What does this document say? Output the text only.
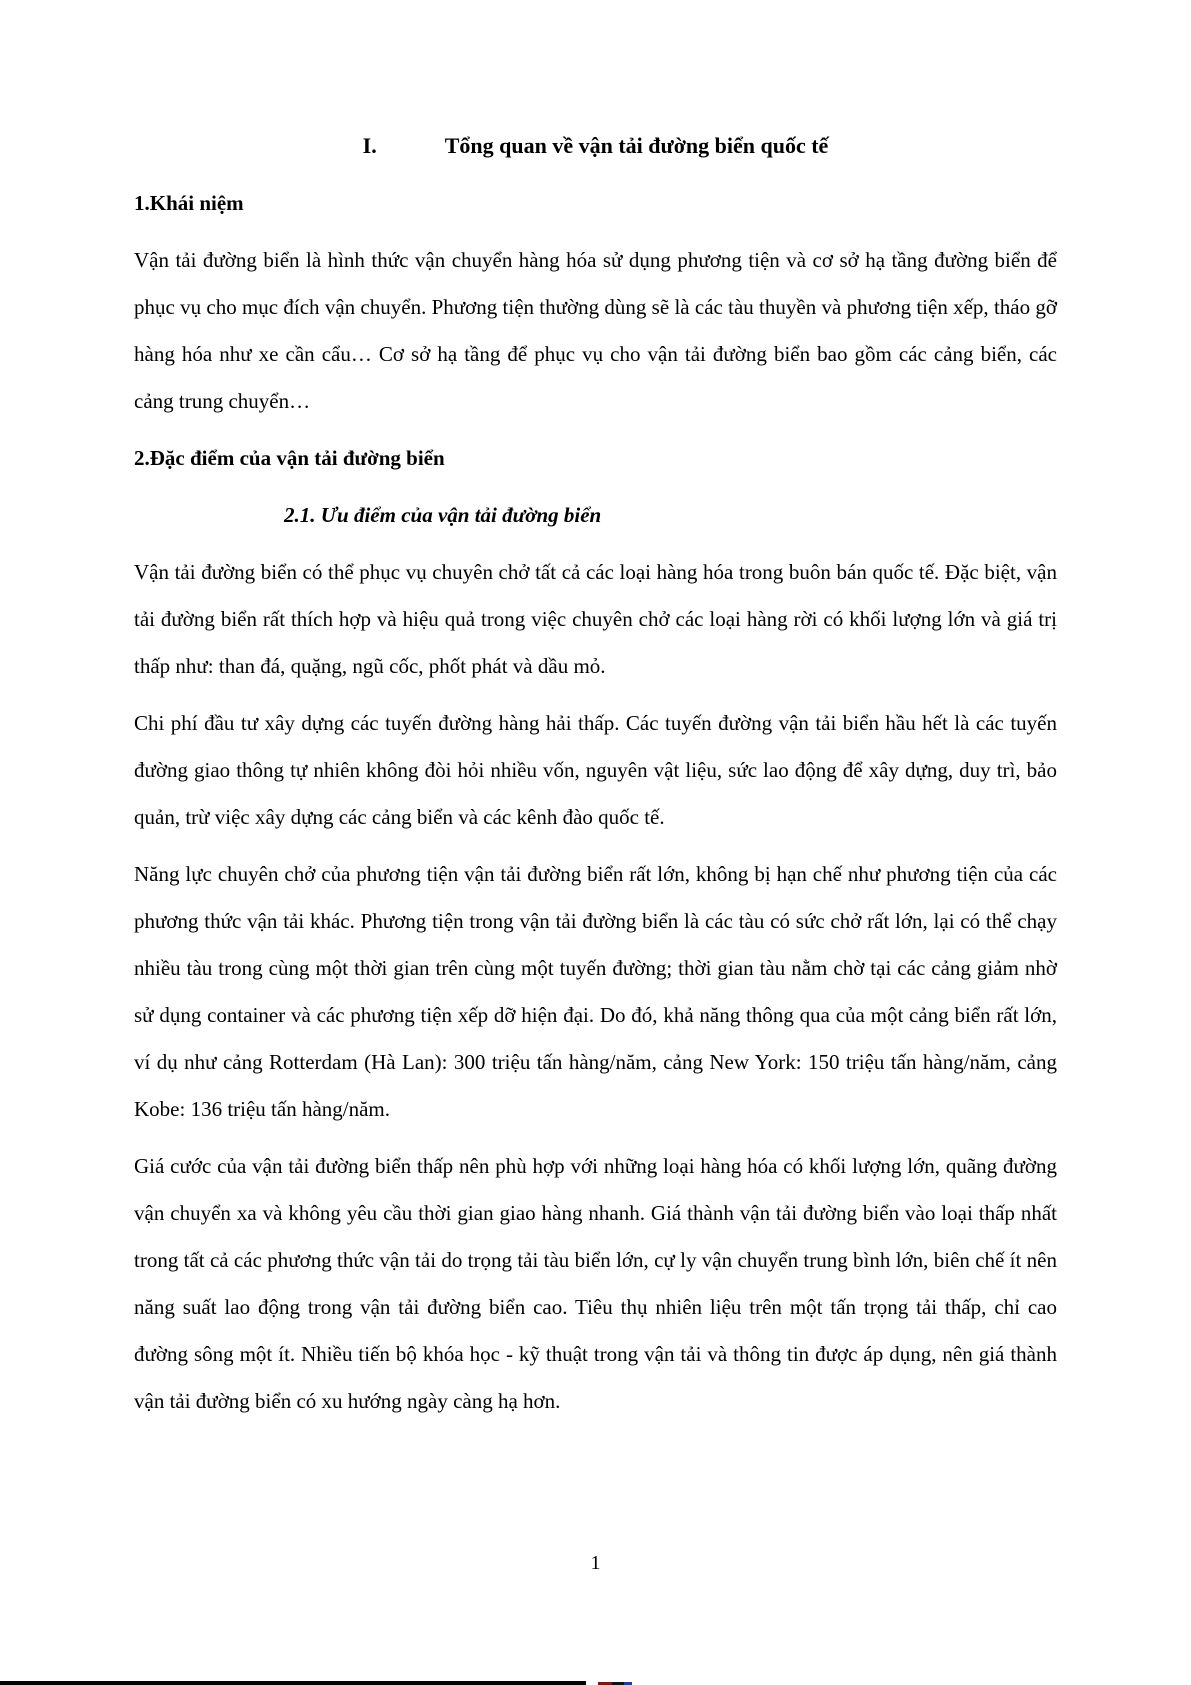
I.	Tổng quan về vận tải đường biển quốc tế
1.Khái niệm

Vận tải đường biển là hình thức vận chuyển hàng hóa sử dụng phương tiện và cơ sở hạ tầng đường biển để phục vụ cho mục đích vận chuyển. Phương tiện thường dùng sẽ là các tàu thuyền và phương tiện xếp, tháo gỡ hàng hóa như xe cần cẩu… Cơ sở hạ tầng để phục vụ cho vận tải đường biển bao gồm các cảng biển, các cảng trung chuyển…

2.Đặc điểm của vận tải đường biển
2.1. Ưu điểm của vận tải đường biển

Vận tải đường biển có thể phục vụ chuyên chở tất cả các loại hàng hóa trong buôn bán quốc tế. Đặc biệt, vận tải đường biển rất thích hợp và hiệu quả trong việc chuyên chở các loại hàng rời có khối lượng lớn và giá trị thấp như: than đá, quặng, ngũ cốc, phốt phát và dầu mỏ.

Chi phí đầu tư xây dựng các tuyến đường hàng hải thấp. Các tuyến đường vận tải biển hầu hết là các tuyến đường giao thông tự nhiên không đòi hỏi nhiều vốn, nguyên vật liệu, sức lao động để xây dựng, duy trì, bảo quản, trừ việc xây dựng các cảng biển và các kênh đào quốc tế.

Năng lực chuyên chở của phương tiện vận tải đường biển rất lớn, không bị hạn chế như phương tiện của các phương thức vận tải khác. Phương tiện trong vận tải đường biển là các tàu có sức chở rất lớn, lại có thể chạy nhiều tàu trong cùng một thời gian trên cùng một tuyến đường; thời gian tàu nằm chờ tại các cảng giảm nhờ sử dụng container và các phương tiện xếp dỡ hiện đại. Do đó, khả năng thông qua của một cảng biển rất lớn, ví dụ như cảng Rotterdam (Hà Lan): 300 triệu tấn hàng/năm, cảng New York: 150 triệu tấn hàng/năm, cảng Kobe: 136 triệu tấn hàng/năm.

Giá cước của vận tải đường biển thấp nên phù hợp với những loại hàng hóa có khối lượng lớn, quãng đường vận chuyển xa và không yêu cầu thời gian giao hàng nhanh. Giá thành vận tải đường biển vào loại thấp nhất trong tất cả các phương thức vận tải do trọng tải tàu biển lớn, cự ly vận chuyển trung bình lớn, biên chế ít nên năng suất lao động trong vận tải đường biển cao. Tiêu thụ nhiên liệu trên một tấn trọng tải thấp, chỉ cao đường sông một ít. Nhiều tiến bộ khóa học - kỹ thuật trong vận tải và thông tin được áp dụng, nên giá thành vận tải đường biển có xu hướng ngày càng hạ hơn.

1
